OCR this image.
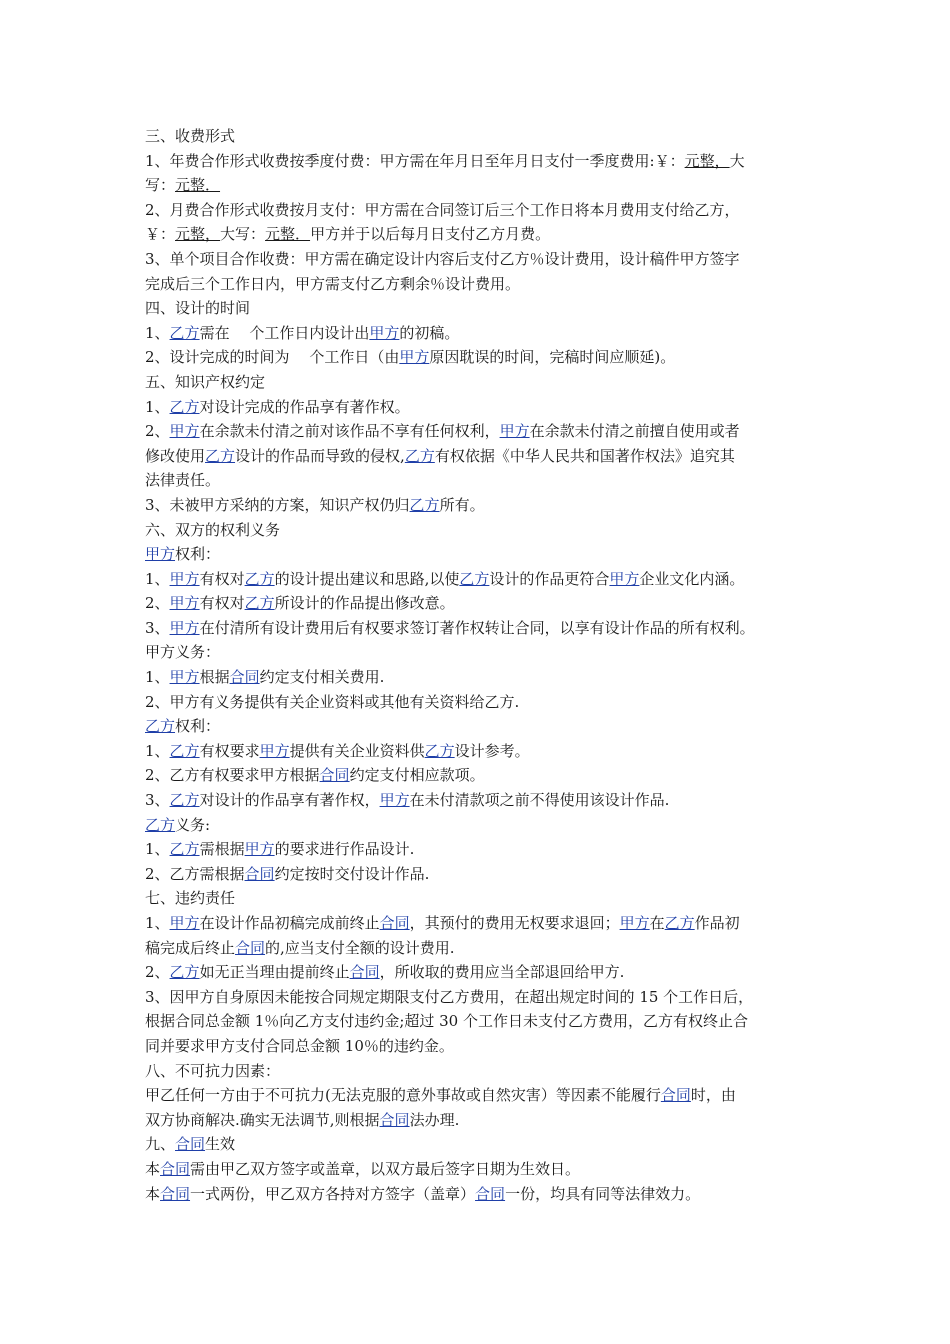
三、收费形式
1、年费合作形式收费按季度付费：甲方需在年月日至年月日支付一季度费用:￥：元整，大
写：元整．
2、月费合作形式收费按月支付：甲方需在合同签订后三个工作日将本月费用支付给乙方，
￥：元整，大写：元整．甲方并于以后每月日支付乙方月费。
3、单个项目合作收费：甲方需在确定设计内容后支付乙方％设计费用，设计稿件甲方签字
完成后三个工作日内，甲方需支付乙方剩余％设计费用。
四、设计的时间
1、乙方需在　 个工作日内设计出甲方的初稿。
2、设计完成的时间为　 个工作日（由甲方原因耽误的时间，完稿时间应顺延)。
五、知识产权约定
1、乙方对设计完成的作品享有著作权。
2、甲方在余款未付清之前对该作品不享有任何权利，甲方在余款未付清之前擅自使用或者
修改使用乙方设计的作品而导致的侵权,乙方有权依据《中华人民共和国著作权法》追究其
法律责任。
3、未被甲方采纳的方案，知识产权仍归乙方所有。
六、双方的权利义务
甲方权利：
1、甲方有权对乙方的设计提出建议和思路,以使乙方设计的作品更符合甲方企业文化内涵。
2、甲方有权对乙方所设计的作品提出修改意。
3、甲方在付清所有设计费用后有权要求签订著作权转让合同，以享有设计作品的所有权利。
甲方义务：
1、甲方根据合同约定支付相关费用.
2、甲方有义务提供有关企业资料或其他有关资料给乙方.
乙方权利：
1、乙方有权要求甲方提供有关企业资料供乙方设计参考。
2、乙方有权要求甲方根据合同约定支付相应款项。
3、乙方对设计的作品享有著作权，甲方在未付清款项之前不得使用该设计作品.
乙方义务:
1、乙方需根据甲方的要求进行作品设计.
2、乙方需根据合同约定按时交付设计作品.
七、违约责任
1、甲方在设计作品初稿完成前终止合同，其预付的费用无权要求退回；甲方在乙方作品初
稿完成后终止合同的,应当支付全额的设计费用.
2、乙方如无正当理由提前终止合同，所收取的费用应当全部退回给甲方.
3、因甲方自身原因未能按合同规定期限支付乙方费用，在超出规定时间的 15 个工作日后，
根据合同总金额 1％向乙方支付违约金;超过 30 个工作日未支付乙方费用，乙方有权终止合
同并要求甲方支付合同总金额 10％的违约金。
八、不可抗力因素：
甲乙任何一方由于不可抗力(无法克服的意外事故或自然灾害）等因素不能履行合同时，由
双方协商解决.确实无法调节,则根据合同法办理.
九、合同生效
本合同需由甲乙双方签字或盖章，以双方最后签字日期为生效日。
本合同一式两份，甲乙双方各持对方签字（盖章）合同一份，均具有同等法律效力。
